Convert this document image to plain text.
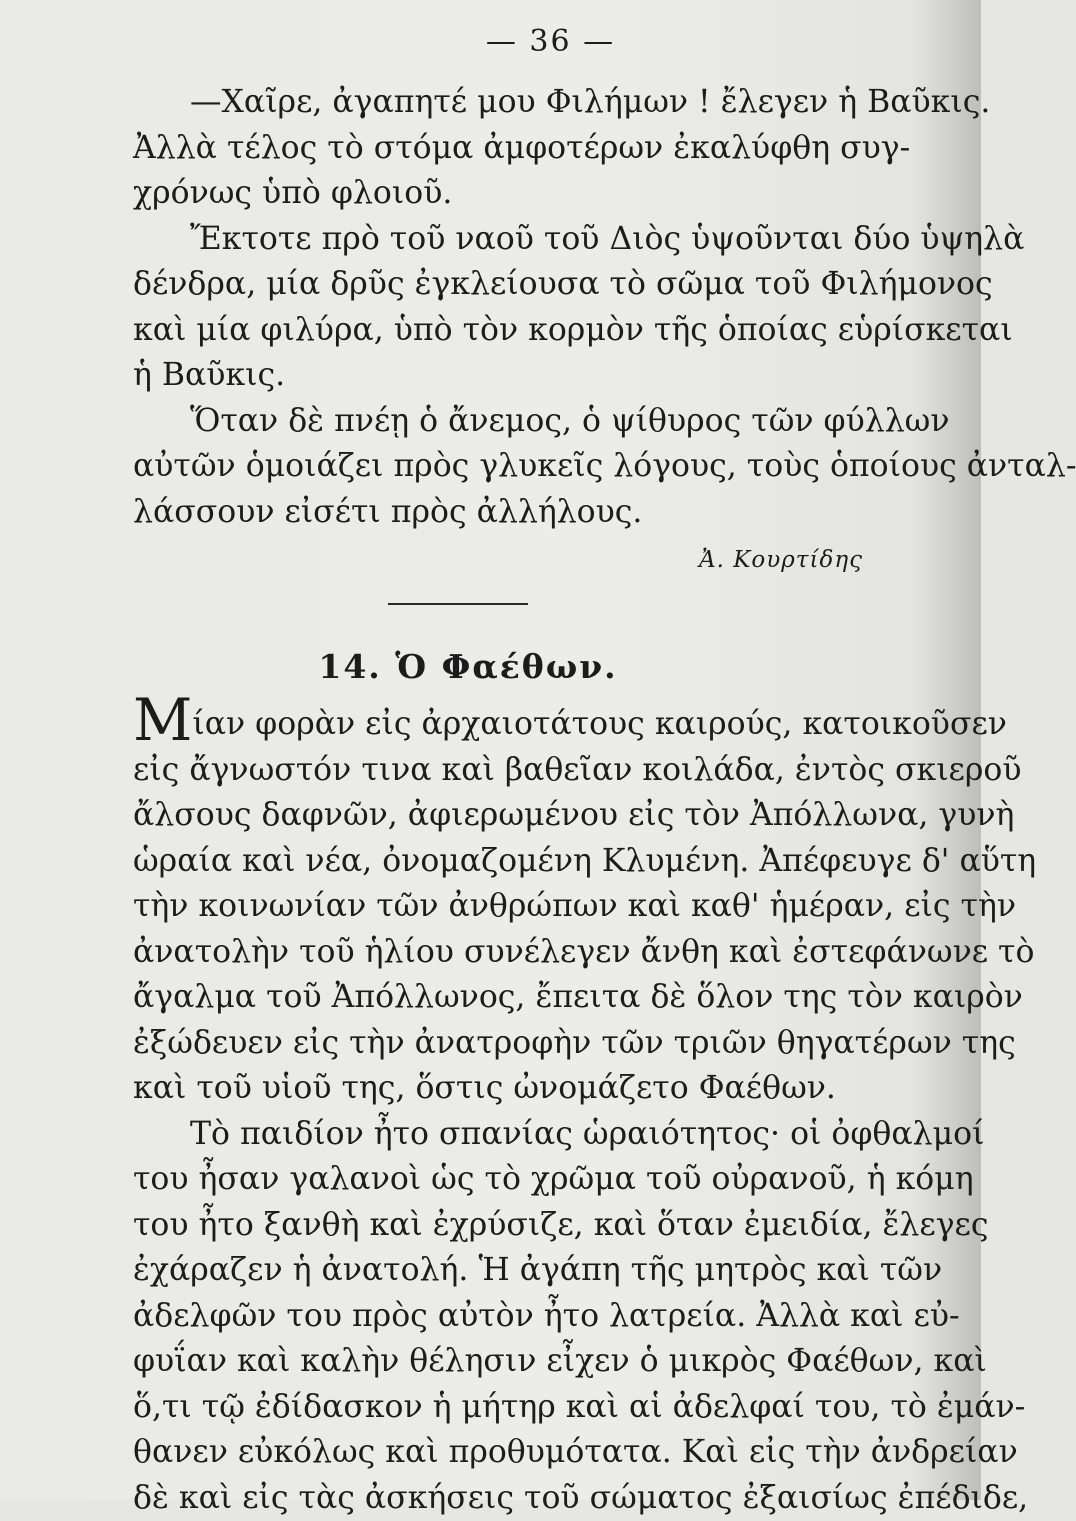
— 36 —

—Χαῖρε, ἀγαπητέ μου Φιλήμων ! ἔλεγεν ἡ Βαῦκις.
Ἀλλὰ τέλος τὸ στόμα ἀμφοτέρων ἐκαλύφθη συγ-
χρόνως ὑπὸ φλοιοῦ.

Ἔκτοτε πρὸ τοῦ ναοῦ τοῦ Διὸς ὑψοῦνται δύο ὑψηλὰ
δένδρα, μία δρῦς ἐγκλείουσα τὸ σῶμα τοῦ Φιλήμονος
καὶ μία φιλύρα, ὑπὸ τὸν κορμὸν τῆς ὁποίας εὑρίσκεται
ἡ Βαῦκις.

Ὅταν δὲ πνέῃ ὁ ἄνεμος, ὁ ψίθυρος τῶν φύλλων
αὐτῶν ὁμοιάζει πρὸς γλυκεῖς λόγους, τοὺς ὁποίους ἀνταλ-
λάσσουν εἰσέτι πρὸς ἀλλήλους.

Ἀ. Κουρτίδης
14. Ὁ Φαέθων.

Μίαν φορὰν εἰς ἀρχαιοτάτους καιρούς, κατοικοῦσεν
εἰς ἄγνωστόν τινα καὶ βαθεῖαν κοιλάδα, ἐντὸς σκιεροῦ
ἄλσους δαφνῶν, ἀφιερωμένου εἰς τὸν Ἀπόλλωνα, γυνὴ
ὡραία καὶ νέα, ὀνομαζομένη Κλυμένη. Ἀπέφευγε δ' αὕτη
τὴν κοινωνίαν τῶν ἀνθρώπων καὶ καθ' ἡμέραν, εἰς τὴν
ἀνατολὴν τοῦ ἡλίου συνέλεγεν ἄνθη καὶ ἐστεφάνωνε τὸ
ἄγαλμα τοῦ Ἀπόλλωνος, ἔπειτα δὲ ὅλον της τὸν καιρὸν
ἐξώδευεν εἰς τὴν ἀνατροφὴν τῶν τριῶν θηγατέρων της
καὶ τοῦ υἱοῦ της, ὅστις ὠνομάζετο Φαέθων.

Τὸ παιδίον ἦτο σπανίας ὡραιότητος· οἱ ὀφθαλμοί
του ἦσαν γαλανοὶ ὡς τὸ χρῶμα τοῦ οὐρανοῦ, ἡ κόμη
του ἦτο ξανθὴ καὶ ἐχρύσιζε, καὶ ὅταν ἐμειδία, ἔλεγες
ἐχάραζεν ἡ ἀνατολή. Ἡ ἀγάπη τῆς μητρὸς καὶ τῶν
ἀδελφῶν του πρὸς αὐτὸν ἦτο λατρεία. Ἀλλὰ καὶ εὐ-
φυΐαν καὶ καλὴν θέλησιν εἶχεν ὁ μικρὸς Φαέθων, καὶ
ὅ,τι τῷ ἐδίδασκον ἡ μήτηρ καὶ αἱ ἀδελφαί του, τὸ ἐμάν-
θανεν εὐκόλως καὶ προθυμότατα. Καὶ εἰς τὴν ἀνδρείαν
δὲ καὶ εἰς τὰς ἀσκήσεις τοῦ σώματος ἐξαισίως ἐπέδιδε,
